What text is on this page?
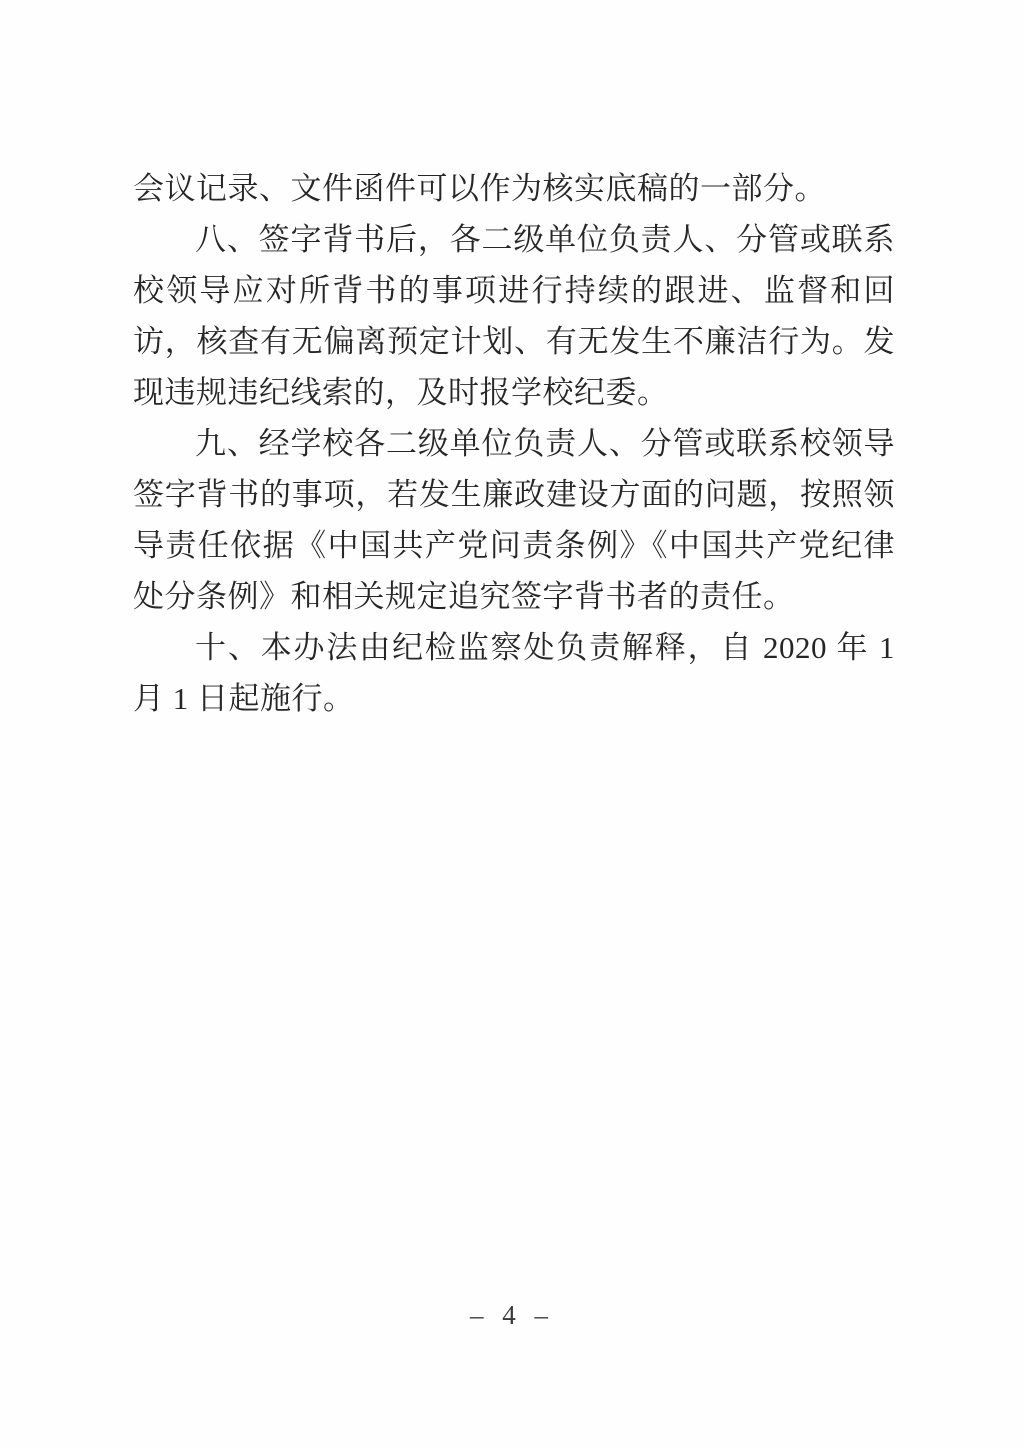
会议记录、文件函件可以作为核实底稿的一部分。

八、签字背书后，各二级单位负责人、分管或联系校领导应对所背书的事项进行持续的跟进、监督和回访，核查有无偏离预定计划、有无发生不廉洁行为。发现违规违纪线索的，及时报学校纪委。

九、经学校各二级单位负责人、分管或联系校领导签字背书的事项，若发生廉政建设方面的问题，按照领导责任依据《中国共产党问责条例》《中国共产党纪律处分条例》和相关规定追究签字背书者的责任。

十、本办法由纪检监察处负责解释，自 2020 年 1 月 1 日起施行。

– 4 –
